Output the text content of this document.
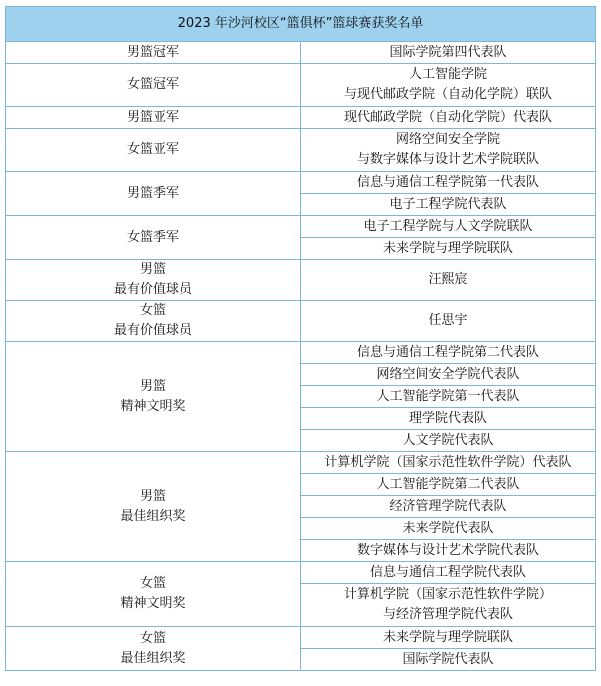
2023 年沙河校区“篮俱杯”篮球赛获奖名单	

男篮冠军	国际学院第四代表队

女篮冠军	人工智能学院
与现代邮政学院（自动化学院）联队

男篮亚军	现代邮政学院（自动化学院）代表队

女篮亚军	网络空间安全学院
与数字媒体与设计艺术学院联队

男篮季军	信息与通信工程学院第一代表队

	电子工程学院代表队

女篮季军	电子工程学院与人文学院联队

	未来学院与理学院联队

男篮
最有价值球员	汪熙宸

女篮
最有价值球员	任思宇

男篮
精神文明奖	信息与通信工程学院第二代表队

	网络空间安全学院代表队

	人工智能学院第一代表队

	理学院代表队

	人文学院代表队

男篮
最佳组织奖	计算机学院（国家示范性软件学院）代表队

	人工智能学院第二代表队

	经济管理学院代表队

	未来学院代表队

	数字媒体与设计艺术学院代表队

女篮
精神文明奖	信息与通信工程学院代表队

	计算机学院（国家示范性软件学院）
与经济管理学院代表队

女篮
最佳组织奖	未来学院与理学院联队

	国际学院代表队
